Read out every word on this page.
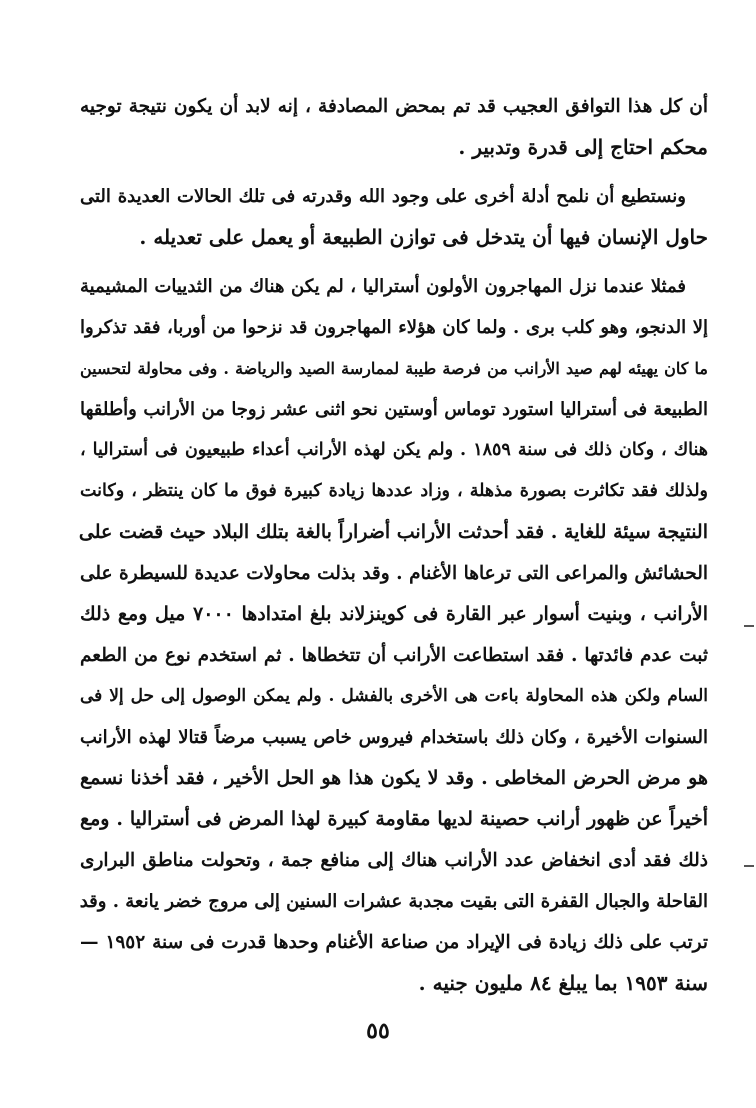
أن كل هذا التوافق العجيب قد تم بمحض المصادفة ، إنه لابد أن يكون نتيجة توجيه
محكم احتاج إلى قدرة وتدبير .
ونستطيع أن نلمح أدلة أخرى على وجود الله وقدرته فى تلك الحالات العديدة التى
حاول الإنسان فيها أن يتدخل فى توازن الطبيعة أو يعمل على تعديله .
فمثلا عندما نزل المهاجرون الأولون أستراليا ، لم يكن هناك من الثدييات المشيمية
إلا الدنجو، وهو كلب برى . ولما كان هؤلاء المهاجرون قد نزحوا من أوربا، فقد تذكروا
ما كان يهيئه لهم صيد الأرانب من فرصة طيبة لممارسة الصيد والرياضة . وفى محاولة لتحسين
الطبيعة فى أستراليا استورد توماس أوستين نحو اثنى عشر زوجا من الأرانب وأطلقها
هناك ، وكان ذلك فى سنة ١٨٥٩ . ولم يكن لهذه الأرانب أعداء طبيعيون فى أستراليا ،
ولذلك فقد تكاثرت بصورة مذهلة ، وزاد عددها زيادة كبيرة فوق ما كان ينتظر ، وكانت
النتيجة سيئة للغاية . فقد أحدثت الأرانب أضراراً بالغة بتلك البلاد حيث قضت على
الحشائش والمراعى التى ترعاها الأغنام . وقد بذلت محاولات عديدة للسيطرة على
الأرانب ، وبنيت أسوار عبر القارة فى كوينزلاند بلغ امتدادها ٧٠٠٠ ميل ومع ذلك
ثبت عدم فائدتها . فقد استطاعت الأرانب أن تتخطاها . ثم استخدم نوع من الطعم
السام ولكن هذه المحاولة باءت هى الأخرى بالفشل . ولم يمكن الوصول إلى حل إلا فى
السنوات الأخيرة ، وكان ذلك باستخدام فيروس خاص يسبب مرضاً قتالا لهذه الأرانب
هو مرض الحرض المخاطى . وقد لا يكون هذا هو الحل الأخير ، فقد أخذنا نسمع
أخيراً عن ظهور أرانب حصينة لديها مقاومة كبيرة لهذا المرض فى أستراليا . ومع
ذلك فقد أدى انخفاض عدد الأرانب هناك إلى منافع جمة ، وتحولت مناطق البرارى
القاحلة والجبال القفرة التى بقيت مجدبة عشرات السنين إلى مروج خضر يانعة . وقد
ترتب على ذلك زيادة فى الإيراد من صناعة الأغنام وحدها قدرت فى سنة ١٩٥٢ —
سنة ١٩٥٣ بما يبلغ ٨٤ مليون جنيه .
٥٥
